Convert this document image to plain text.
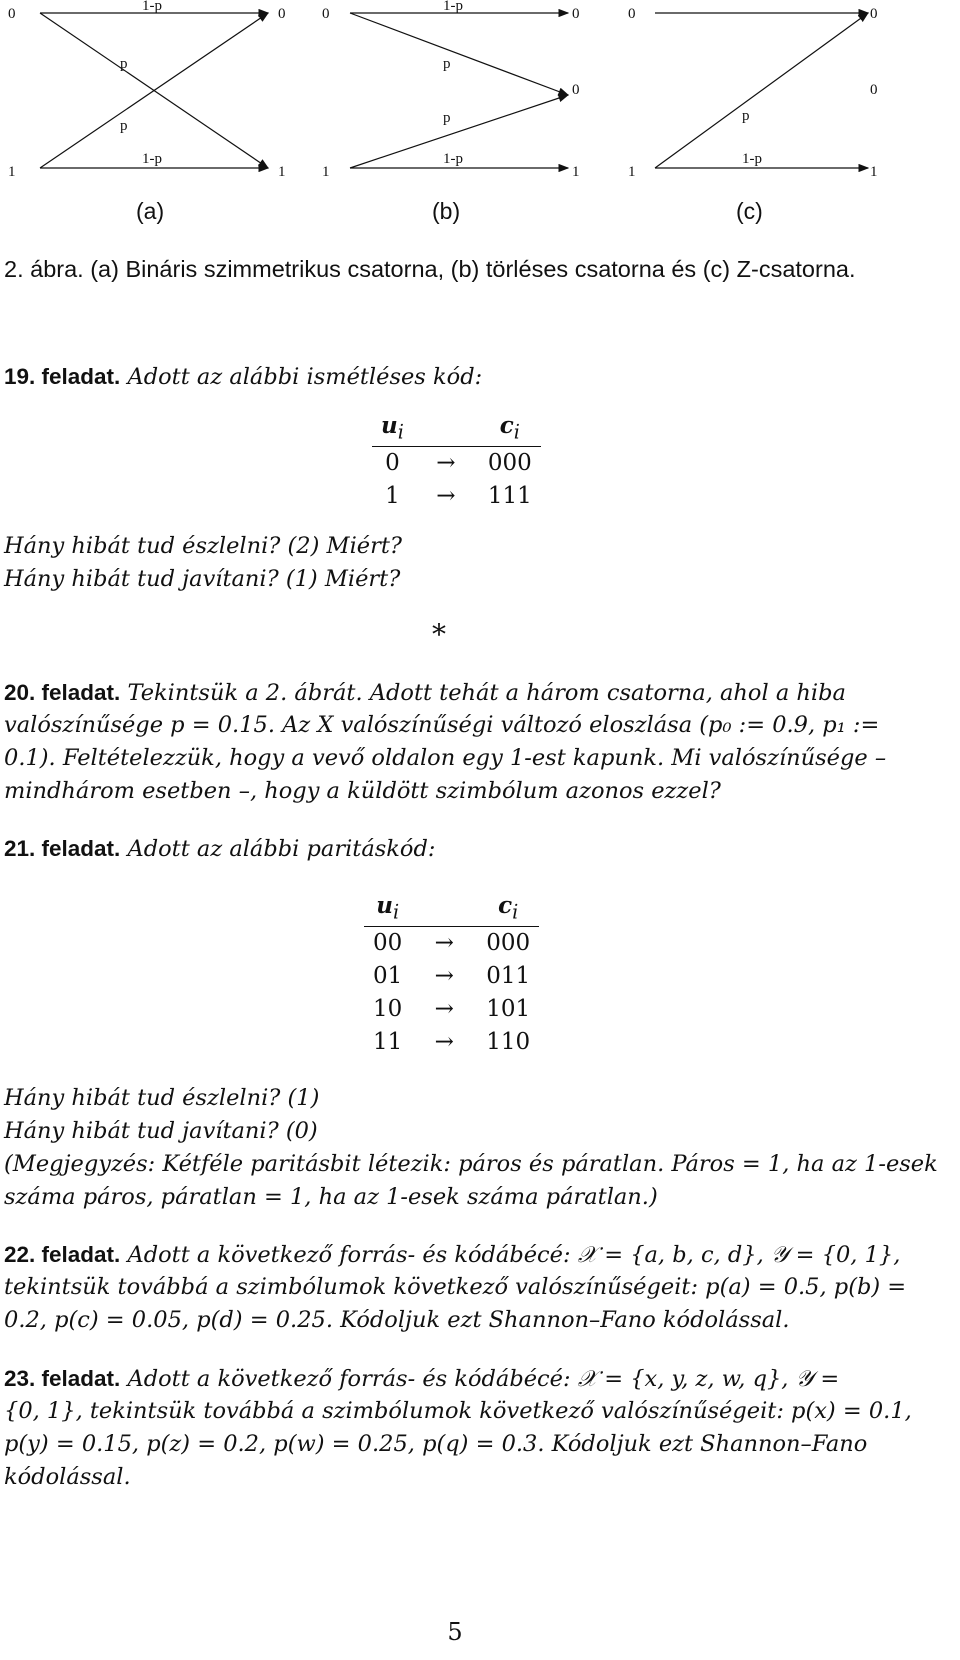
0	0
1	1
1-p
1-p
p
p
0	0
0
1	1
1-p
1-p
p
p
0	0
0
1	1
1-p
p
(a)	(b)	(c)
2. ábra. (a) Bináris szimmetrikus csatorna, (b) törléses csatorna és (c) Z-csatorna.
19. feladat. Adott az alábbi ismétléses kód:
$u_i$		$c_i$
0	→	000
1	→	111
Hány hibát tud észlelni? (2) Miért?
Hány hibát tud javítani? (1) Miért?
*
20. feladat. Tekintsük a 2. ábrát. Adott tehát a három csatorna, ahol a hiba
valószínűsége p = 0.15. Az X valószínűségi változó eloszlása (p₀ := 0.9, p₁ :=
0.1). Feltételezzük, hogy a vevő oldalon egy 1-est kapunk. Mi valószínűsége –
mindhárom esetben –, hogy a küldött szimbólum azonos ezzel?
21. feladat. Adott az alábbi paritáskód:
$u_i$		$c_i$
00	→	000
01	→	011
10	→	101
11	→	110
Hány hibát tud észlelni? (1)
Hány hibát tud javítani? (0)
(Megjegyzés: Kétféle paritásbit létezik: páros és páratlan. Páros = 1, ha az 1-esek
száma páros, páratlan = 1, ha az 1-esek száma páratlan.)
22. feladat. Adott a következő forrás- és kódábécé: 𝒳 = {a, b, c, d}, 𝒴 = {0, 1},
tekintsük továbbá a szimbólumok következő valószínűségeit: p(a) = 0.5, p(b) =
0.2, p(c) = 0.05, p(d) = 0.25. Kódoljuk ezt Shannon–Fano kódolással.
23. feladat. Adott a következő forrás- és kódábécé: 𝒳 = {x, y, z, w, q}, 𝒴 =
{0, 1}, tekintsük továbbá a szimbólumok következő valószínűségeit: p(x) = 0.1,
p(y) = 0.15, p(z) = 0.2, p(w) = 0.25, p(q) = 0.3. Kódoljuk ezt Shannon–Fano
kódolással.
5
